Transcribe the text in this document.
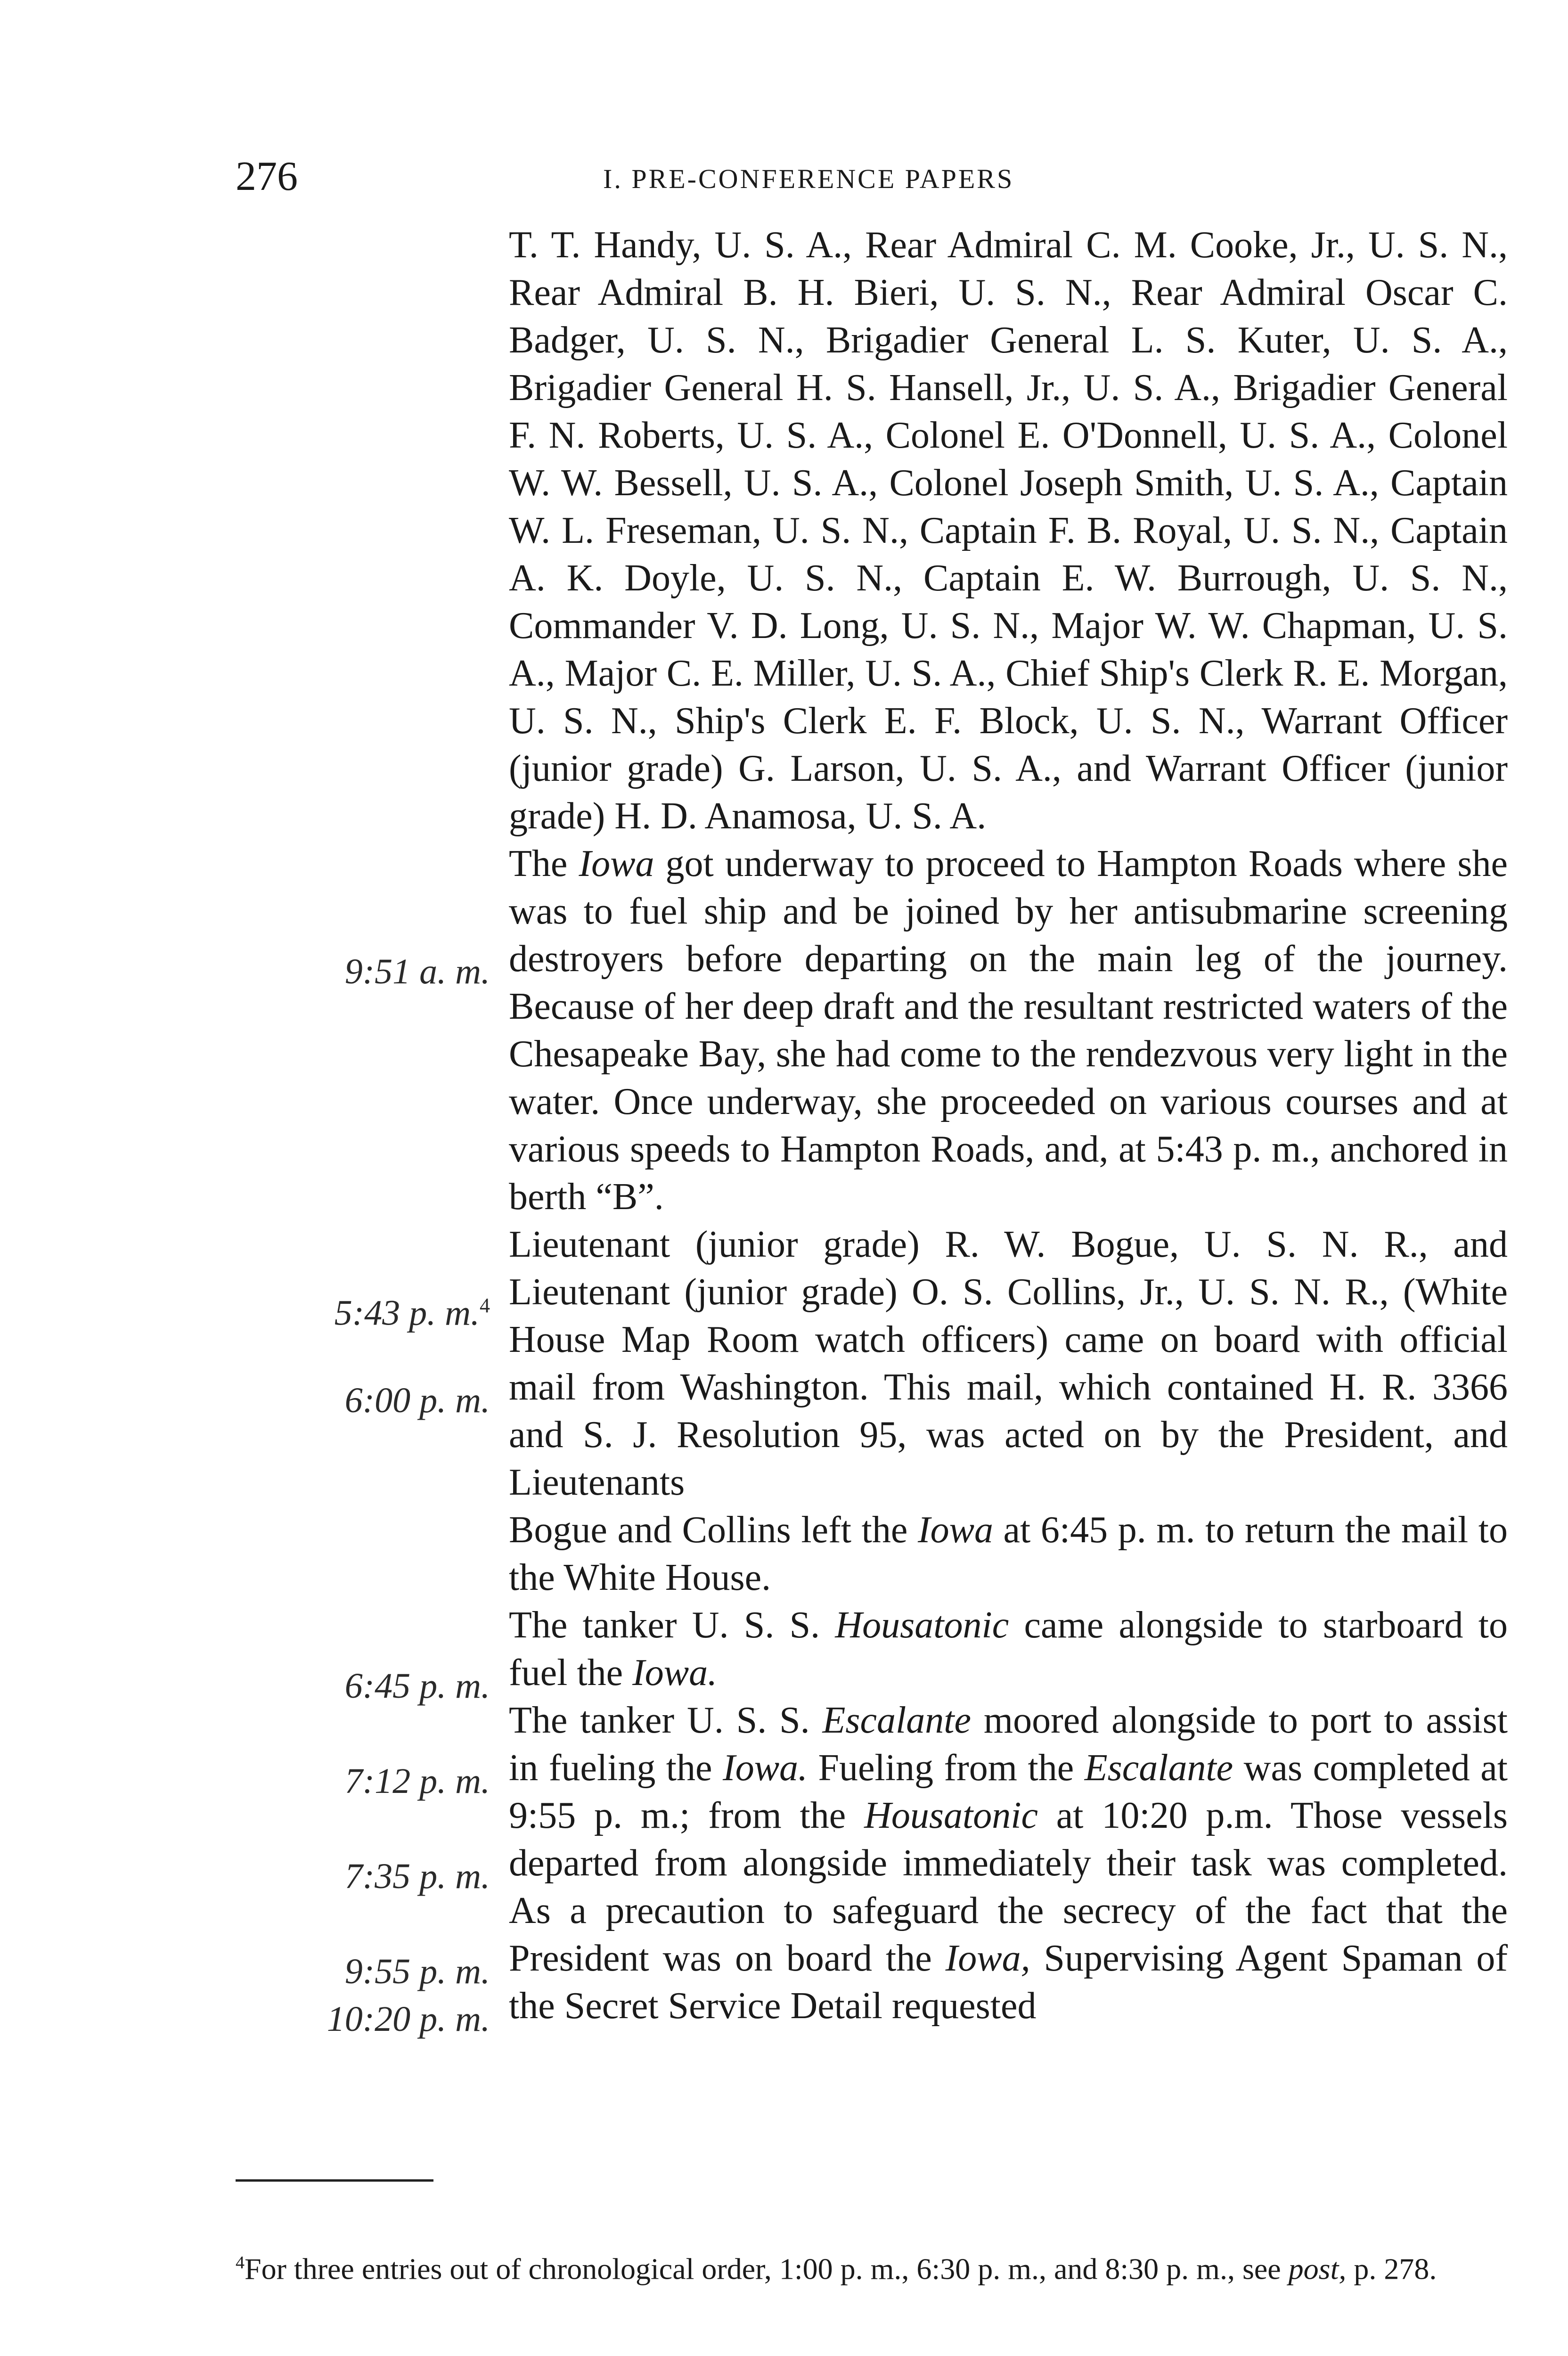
276	I. PRE-CONFERENCE PAPERS
9:51 a. m.
5:43 p. m.$^4$
6:00 p. m.
6:45 p. m.
7:12 p. m.
7:35 p. m.
9:55 p. m.
10:20 p. m.

T. T. Handy, U. S. A., Rear Admiral C. M. Cooke, Jr., U. S. N., Rear Admiral B. H. Bieri, U. S. N., Rear Admiral Oscar C. Badger, U. S. N., Brigadier General L. S. Kuter, U. S. A., Brigadier General H. S. Hansell, Jr., U. S. A., Brigadier General F. N. Roberts, U. S. A., Colonel E. O'Donnell, U. S. A., Colonel W. W. Bessell, U. S. A., Colonel Joseph Smith, U. S. A., Captain W. L. Freseman, U. S. N., Captain F. B. Royal, U. S. N., Captain A. K. Doyle, U. S. N., Captain E. W. Burrough, U. S. N., Commander V. D. Long, U. S. N., Major W. W. Chapman, U. S. A., Major C. E. Miller, U. S. A., Chief Ship's Clerk R. E. Morgan, U. S. N., Ship's Clerk E. F. Block, U. S. N., Warrant Officer (junior grade) G. Larson, U. S. A., and Warrant Officer (junior grade) H. D. Anamosa, U. S. A.

The Iowa got underway to proceed to Hampton Roads where she was to fuel ship and be joined by her antisubmarine screening destroyers before departing on the main leg of the journey. Because of her deep draft and the resultant restricted waters of the Chesapeake Bay, she had come to the rendezvous very light in the water. Once underway, she proceeded on various courses and at various speeds to Hampton Roads, and, at 5:43 p. m., anchored in berth “B”.

Lieutenant (junior grade) R. W. Bogue, U. S. N. R., and Lieutenant (junior grade) O. S. Collins, Jr., U. S. N. R., (White House Map Room watch officers) came on board with official mail from Washington. This mail, which contained H. R. 3366 and S. J. Resolution 95, was acted on by the President, and Lieutenants

Bogue and Collins left the Iowa at 6:45 p. m. to return the mail to the White House.

The tanker U. S. S. Housatonic came alongside to starboard to fuel the Iowa.

The tanker U. S. S. Escalante moored alongside to port to assist in fueling the Iowa. Fueling from the Escalante was completed at 9:55 p. m.; from the Housatonic at 10:20 p.m. Those vessels departed from alongside immediately their task was completed. As a precaution to safeguard the secrecy of the fact that the President was on board the Iowa, Supervising Agent Spaman of the Secret Service Detail requested

$^4$For three entries out of chronological order, 1:00 p. m., 6:30 p. m., and 8:30 p. m., see post, p. 278.
